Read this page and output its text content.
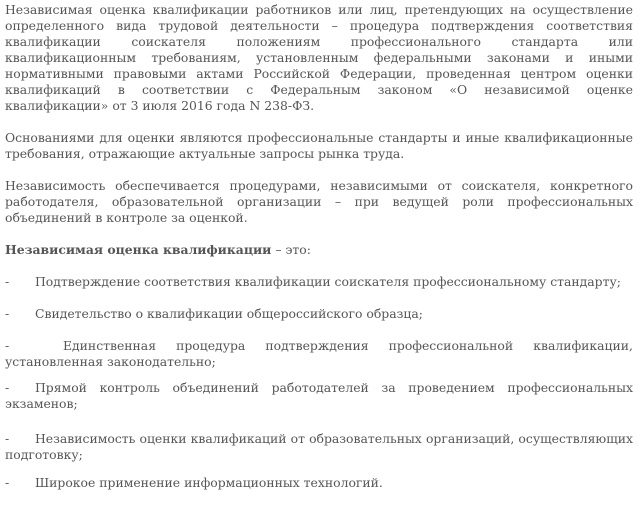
Независимая оценка квалификации работников или лиц, претендующих на осуществление определенного вида трудовой деятельности – процедура подтверждения соответствия квалификации соискателя положениям профессионального стандарта или квалификационным требованиям, установленным федеральными законами и иными нормативными правовыми актами Российской Федерации, проведенная центром оценки квалификаций в соответствии с Федеральным законом «О независимой оценке квалификации» от 3 июля 2016 года N 238-ФЗ.

Основаниями для оценки являются профессиональные стандарты и иные квалификационные требования, отражающие актуальные запросы рынка труда.

Независимость обеспечивается процедурами, независимыми от соискателя, конкретного работодателя, образовательной организации – при ведущей роли профессиональных объединений в контроле за оценкой.

Независимая оценка квалификации – это:

- Подтверждение соответствия квалификации соискателя профессиональному стандарту;
- Свидетельство о квалификации общероссийского образца;
-	Единственная процедура подтверждения профессиональной квалификации, установленная законодательно;
- Прямой контроль объединений работодателей за проведением профессиональных экзаменов;
- Независимость оценки квалификаций от образовательных организаций, осуществляющих подготовку;
- Широкое применение информационных технологий.
